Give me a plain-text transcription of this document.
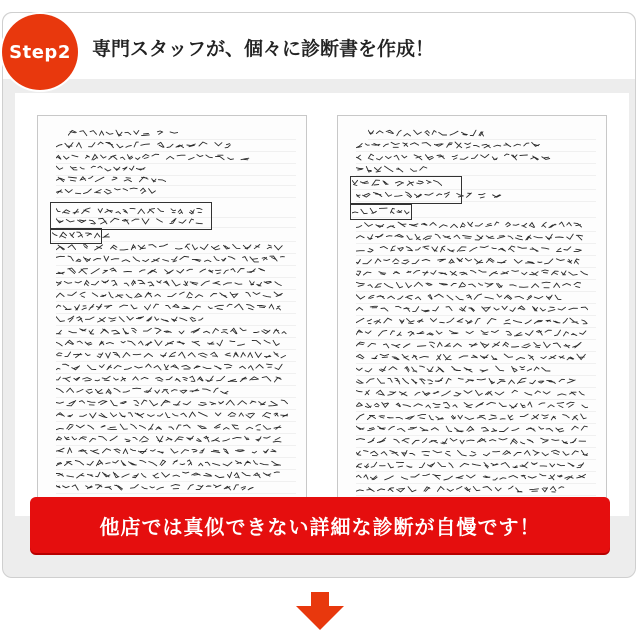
Step2	専門スタッフが、個々に診断書を作成！
他店では真似できない詳細な診断が自慢です！
